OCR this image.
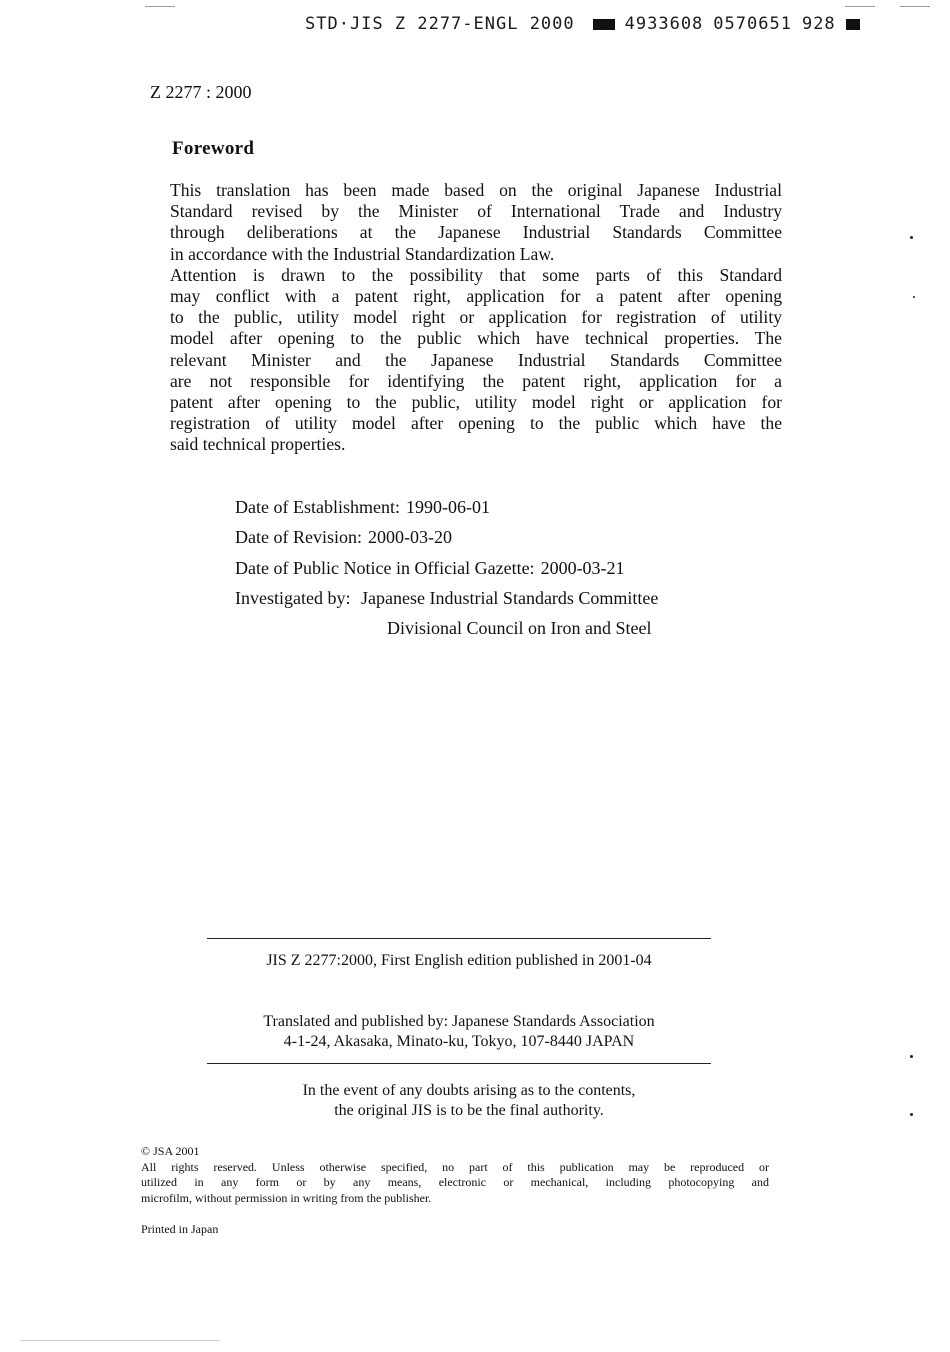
STD·JIS Z 2277-ENGL 2000	4933608 0570651 928
Z 2277 : 2000
Foreword
This translation has been made based on the original Japanese Industrial
Standard revised by the Minister of International Trade and Industry
through deliberations at the Japanese Industrial Standards Committee
in accordance with the Industrial Standardization Law.
Attention is drawn to the possibility that some parts of this Standard
may conflict with a patent right, application for a patent after opening
to the public, utility model right or application for registration of utility
model after opening to the public which have technical properties. The
relevant Minister and the Japanese Industrial Standards Committee
are not responsible for identifying the patent right, application for a
patent after opening to the public, utility model right or application for
registration of utility model after opening to the public which have the
said technical properties.
Date of Establishment: 1990-06-01
Date of Revision: 2000-03-20
Date of Public Notice in Official Gazette: 2000-03-21
Investigated by: Japanese Industrial Standards Committee
Divisional Council on Iron and Steel
JIS Z 2277:2000, First English edition published in 2001-04
Translated and published by: Japanese Standards Association
4-1-24, Akasaka, Minato-ku, Tokyo, 107-8440 JAPAN
In the event of any doubts arising as to the contents,
the original JIS is to be the final authority.
© JSA 2001
All rights reserved. Unless otherwise specified, no part of this publication may be reproduced or
utilized in any form or by any means, electronic or mechanical, including photocopying and
microfilm, without permission in writing from the publisher.
Printed in Japan
